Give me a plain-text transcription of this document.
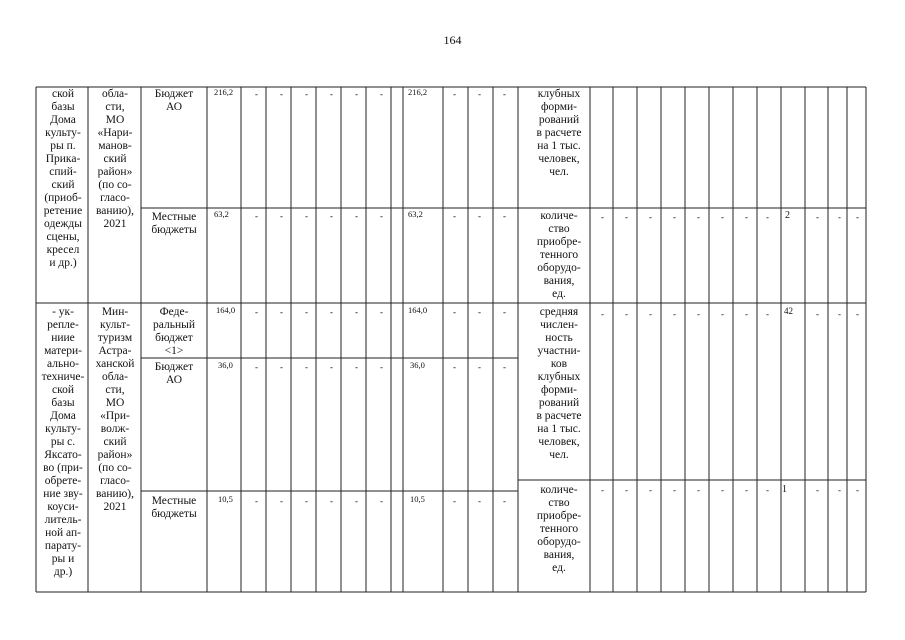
164
ской
базы
Дома
культу-
ры п.
Прика-
спий-
ский
(приоб-
ретение
одежды
сцены,
кресел
и др.)
обла-
сти,
МО
«Нари-
манов-
ский
район»
(по со-
гласо-
ванию),
2021
Бюджет
АО
Местные
бюджеты
216,2
63,2
216,2
63,2
клубных
форми-
рований
в расчете
на 1 тыс.
человек,
чел.
количе-
ство
приобре-
тенного
оборудо-
вания,
ед.
2
- ук-
репле-
ниие
матери-
ально-
техниче-
ской
базы
Дома
культу-
ры с.
Яксато-
во (при-
обрете-
ние зву-
коуси-
литель-
ной ап-
парату-
ры и
др.)
Мин-
культ-
туризм
Астра-
ханской
обла-
сти,
МО
«При-
волж-
ский
район»
(по со-
гласо-
ванию),
2021
Феде-
ральный
бюджет
<1>
Бюджет
АО
Местные
бюджеты
164,0
36,0
10,5
164,0
36,0
10,5
средняя
числен-
ность
участни-
ков
клубных
форми-
рований
в расчете
на 1 тыс.
человек,
чел.
количе-
ство
приобре-
тенного
оборудо-
вания,
ед.
42
1
-
-
-
-
-
-
-
-
-
-
-
-
-
-
-
-
-
-
-
-
-
-
-
-
-
-
-
-
-
-
-
-
-
-
-
-
-
-
-
-
-
-
-
-
-
-
-
-
-
-
-
-
-
-
-
-
-
-
-
-
-
-
-
-
-
-
-
-
-
-
-
-
-
-
-
-
-
-
